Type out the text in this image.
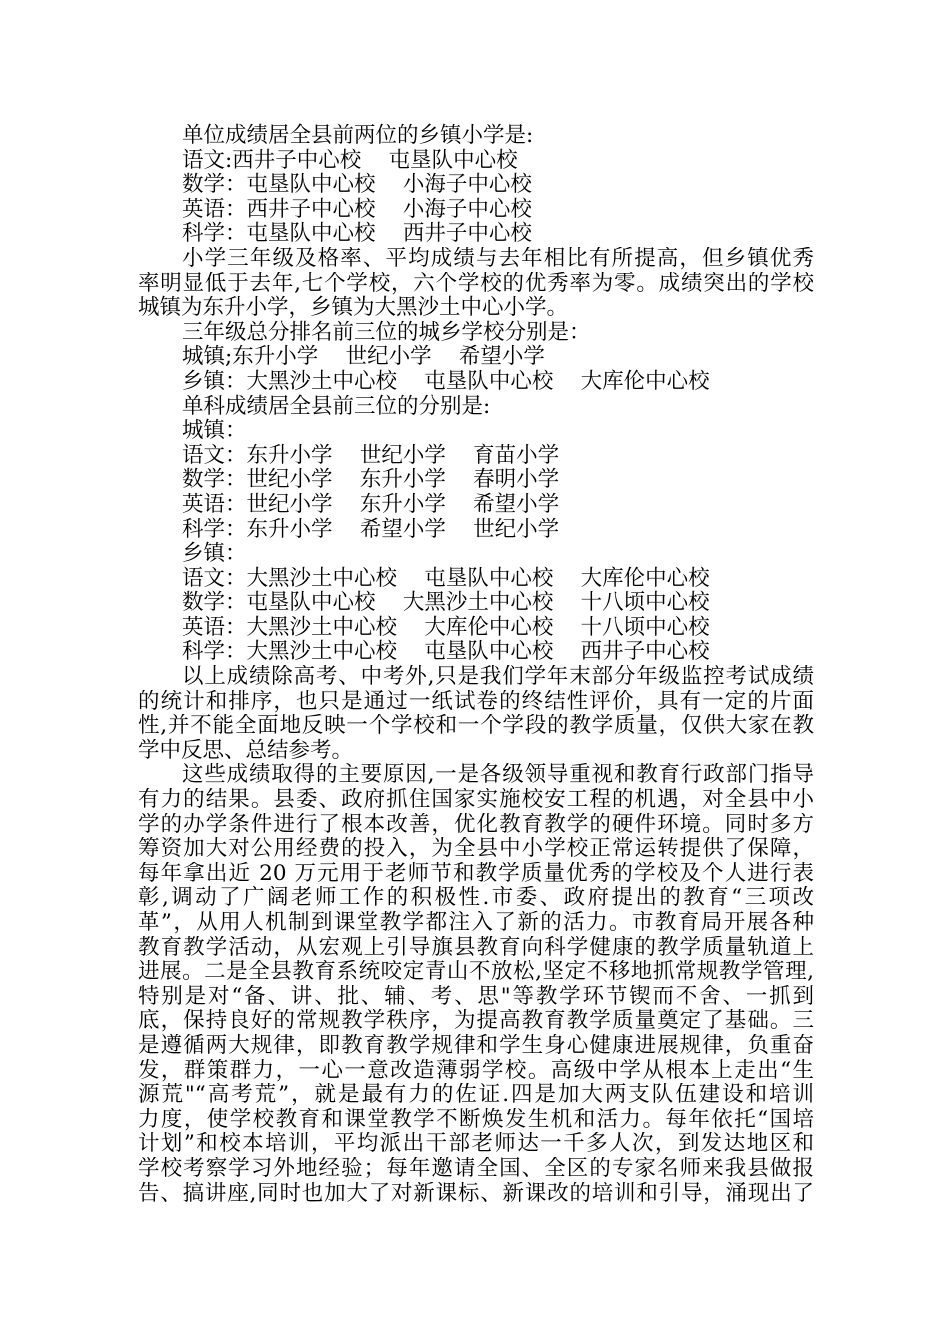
单位成绩居全县前两位的乡镇小学是:
语文:西井子中心校    屯垦队中心校
数学：屯垦队中心校    小海子中心校
英语：西井子中心校    小海子中心校
科学：屯垦队中心校    西井子中心校
小学三年级及格率、平均成绩与去年相比有所提高，但乡镇优秀
率明显低于去年,七个学校，六个学校的优秀率为零。成绩突出的学校
城镇为东升小学，乡镇为大黑沙土中心小学。
三年级总分排名前三位的城乡学校分别是：
城镇;东升小学    世纪小学    希望小学
乡镇：大黑沙土中心校    屯垦队中心校    大库伦中心校
单科成绩居全县前三位的分别是:
城镇：
语文：东升小学    世纪小学    育苗小学
数学：世纪小学    东升小学    春明小学
英语：世纪小学    东升小学    希望小学
科学：东升小学    希望小学    世纪小学
乡镇：
语文：大黑沙土中心校    屯垦队中心校    大库伦中心校
数学：屯垦队中心校    大黑沙土中心校    十八顷中心校
英语：大黑沙土中心校    大库伦中心校    十八顷中心校
科学：大黑沙土中心校    屯垦队中心校    西井子中心校
以上成绩除高考、中考外,只是我们学年末部分年级监控考试成绩
的统计和排序，也只是通过一纸试卷的终结性评价，具有一定的片面
性,并不能全面地反映一个学校和一个学段的教学质量，仅供大家在教
学中反思、总结参考。
这些成绩取得的主要原因,一是各级领导重视和教育行政部门指导
有力的结果。县委、政府抓住国家实施校安工程的机遇，对全县中小
学的办学条件进行了根本改善，优化教育教学的硬件环境。同时多方
筹资加大对公用经费的投入，为全县中小学校正常运转提供了保障，
每年拿出近 20 万元用于老师节和教学质量优秀的学校及个人进行表
彰,调动了广阔老师工作的积极性.市委、政府提出的教育“三项改
革”，从用人机制到课堂教学都注入了新的活力。市教育局开展各种
教育教学活动，从宏观上引导旗县教育向科学健康的教学质量轨道上
进展。二是全县教育系统咬定青山不放松,坚定不移地抓常规教学管理,
特别是对“备、讲、批、辅、考、思"等教学环节锲而不舍、一抓到
底，保持良好的常规教学秩序，为提高教育教学质量奠定了基础。三
是遵循两大规律，即教育教学规律和学生身心健康进展规律，负重奋
发，群策群力，一心一意改造薄弱学校。高级中学从根本上走出“生
源荒"“高考荒”，就是最有力的佐证.四是加大两支队伍建设和培训
力度，使学校教育和课堂教学不断焕发生机和活力。每年依托“国培
计划”和校本培训，平均派出干部老师达一千多人次，到发达地区和
学校考察学习外地经验；每年邀请全国、全区的专家名师来我县做报
告、搞讲座,同时也加大了对新课标、新课改的培训和引导，涌现出了
